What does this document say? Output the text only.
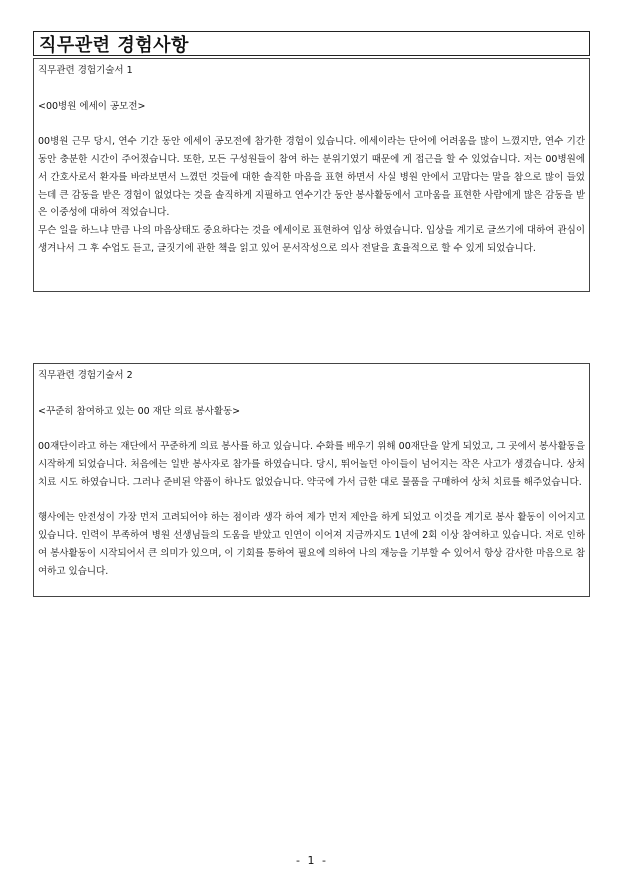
직무관련 경험사항
직무관련 경험기술서 1
<00병원 에세이 공모전>

00병원 근무 당시, 연수 기간 동안 에세이 공모전에 참가한 경험이 있습니다. 에세이라는 단어에 어려움을 많이 느꼈지만, 연수 기간 동안 충분한 시간이 주어졌습니다. 또한, 모든 구성원들이 참여 하는 분위기였기 때문에 게 접근을 할 수 있었습니다. 저는 00병원에서 간호사로서 환자를 바라보면서 느꼈던 것들에 대한 솔직한 마음을 표현 하면서 사실 병원 안에서 고맙다는 말을 참으로 많이 들었는데 큰 감동을 받은 경험이 없었다는 것을 솔직하게 지필하고 연수기간 동안 봉사활동에서 고마움을 표현한 사람에게 많은 감동을 받은 이중성에 대하여 적었습니다.

무슨 일을 하느냐 만큼 나의 마음상태도 중요하다는 것을 에세이로 표현하여 입상 하였습니다. 입상을 계기로 글쓰기에 대하여 관심이 생겨나서 그 후 수업도 듣고, 글짓기에 관한 책을 읽고 있어 문서작성으로 의사 전달을 효율적으로 할 수 있게 되었습니다.

직무관련 경험기술서 2
<꾸준히 참여하고 있는 00 재단 의료 봉사활동>

00재단이라고 하는 재단에서 꾸준하게 의료 봉사를 하고 있습니다. 수화를 배우기 위해 00재단을 알게 되었고, 그 곳에서 봉사활동을 시작하게 되었습니다. 처음에는 일반 봉사자로 참가를 하였습니다. 당시, 뛰어놀던 아이들이 넘어지는 작은 사고가 생겼습니다. 상처 치료 시도 하였습니다. 그러나 준비된 약품이 하나도 없었습니다. 약국에 가서 급한 대로 물품을 구매하여 상처 치료를 해주었습니다.

행사에는 안전성이 가장 먼저 고려되어야 하는 점이라 생각 하여 제가 먼저 제안을 하게 되었고 이것을 계기로 봉사 활동이 이어지고 있습니다. 인력이 부족하여 병원 선생님들의 도움을 받았고 인연이 이어져 지금까지도 1년에 2회 이상 참여하고 있습니다. 저로 인하여 봉사활동이 시작되어서 큰 의미가 있으며, 이 기회를 통하여 필요에 의하여 나의 재능을 기부할 수 있어서 항상 감사한 마음으로 참여하고 있습니다.

- 1 -
